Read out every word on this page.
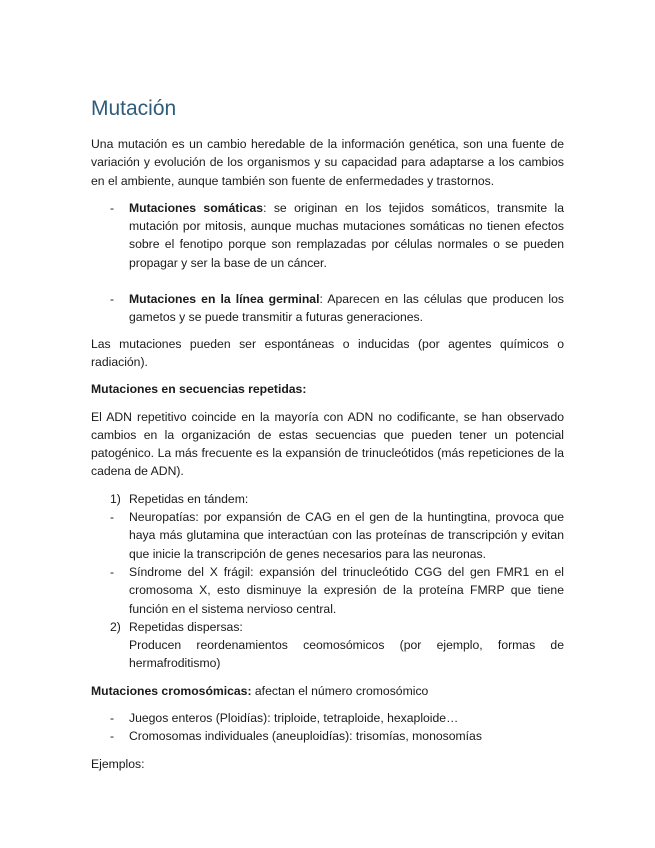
Mutación

Una mutación es un cambio heredable de la información genética, son una fuente de variación y evolución de los organismos y su capacidad para adaptarse a los cambios en el ambiente, aunque también son fuente de enfermedades y trastornos.

- Mutaciones somáticas: se originan en los tejidos somáticos, transmite la mutación por mitosis, aunque muchas mutaciones somáticas no tienen efectos sobre el fenotipo porque son remplazadas por células normales o se pueden propagar y ser la base de un cáncer.
- Mutaciones en la línea germinal: Aparecen en las células que producen los gametos y se puede transmitir a futuras generaciones.

Las mutaciones pueden ser espontáneas o inducidas (por agentes químicos o radiación).

Mutaciones en secuencias repetidas:

El ADN repetitivo coincide en la mayoría con ADN no codificante, se han observado cambios en la organización de estas secuencias que pueden tener un potencial patogénico. La más frecuente es la expansión de trinucleótidos (más repeticiones de la cadena de ADN).

1) Repetidas en tándem:
- Neuropatías: por expansión de CAG en el gen de la huntingtina, provoca que haya más glutamina que interactúan con las proteínas de transcripción y evitan que inicie la transcripción de genes necesarios para las neuronas.
- Síndrome del X frágil: expansión del trinucleótido CGG del gen FMR1 en el cromosoma X, esto disminuye la expresión de la proteína FMRP que tiene función en el sistema nervioso central.
2) Repetidas dispersas:
Producen reordenamientos ceomosómicos (por ejemplo, formas de hermafroditismo)

Mutaciones cromosómicas: afectan el número cromosómico

- Juegos enteros (Ploidías): triploide, tetraploide, hexaploide…
- Cromosomas individuales (aneuploidías): trisomías, monosomías

Ejemplos:
